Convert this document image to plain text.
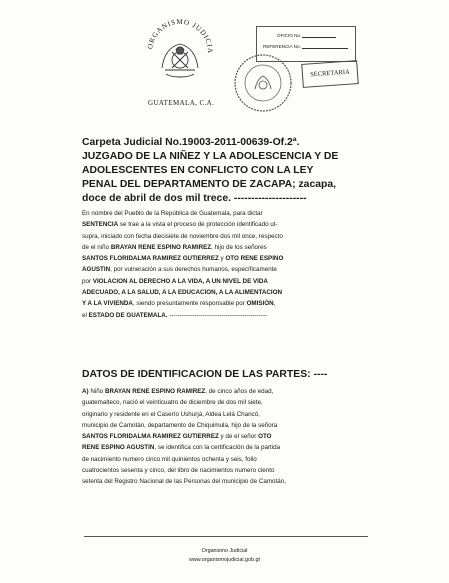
ORGANISMO JUDICIA
GUATEMALA, C.A.
OFICIO No.
REFERENCIA No.
SECRETARIA
Carpeta Judicial No.19003-2011-00639-Of.2ª.
JUZGADO DE LA NIÑEZ Y LA ADOLESCENCIA Y DE
ADOLESCENTES EN CONFLICTO CON LA LEY
PENAL DEL DEPARTAMENTO DE ZACAPA; zacapa,
doce de abril de dos mil trece. ---------------------
En nombre del Pueblo de la República de Guatemala, para dictar
SENTENCIA se trae a la vista el proceso de protección identificado ut-
supra, iniciado con fecha diecisiete de noviembre dos mil once, respecto
de el niño BRAYAN RENE ESPINO RAMIREZ, hijo de los señores
SANTOS FLORIDALMA RAMIREZ GUTIERREZ y OTO RENE ESPINO
AGUSTIN, por vulneración a sus derechos humanos, específicamente
por VIOLACION AL DERECHO A LA VIDA, A UN NIVEL DE VIDA
ADECUADO, A LA SALUD, A LA EDUCACION, A LA ALIMENTACION
Y A LA VIVIENDA, siendo presuntamente responsable por OMISIÓN,
el ESTADO DE GUATEMALA. -----------------------------------------------
DATOS DE IDENTIFICACION DE LAS PARTES: ----
A) Niño BRAYAN RENE ESPINO RAMIREZ, de cinco años de edad,
guatemalteco, nació el veinticuatro de diciembre de dos mil siete,
originario y residente en el Caserío Ushurjá, Aldea Lelá Chancó,
municipio de Camotán, departamento de Chiquimula, hijo de la señora
SANTOS FLORIDALMA RAMIREZ GUTIERREZ y de el señor OTO
RENE ESPINO AGUSTIN, se identifica con la certificación de la partida
de nacimiento numero cinco mil quinientos ochenta y seis, folio
cuatrocientos sesenta y cinco, del libro de nacimientos numero ciento
setenta del Registro Nacional de las Personas del municipio de Camotán,
Organismo Judicial
www.organismojudicial.gob.gt
